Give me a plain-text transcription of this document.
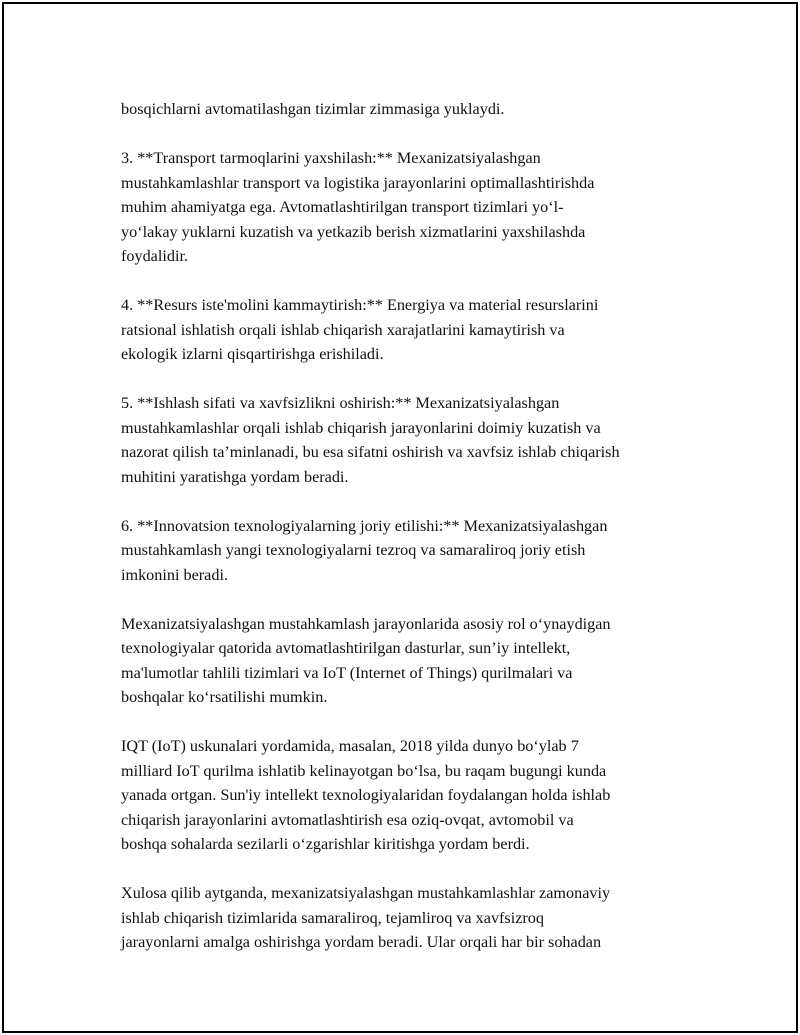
bosqichlarni avtomatilashgan tizimlar zimmasiga yuklaydi.

3. **Transport tarmoqlarini yaxshilash:** Mexanizatsiyalashgan
mustahkamlashlar transport va logistika jarayonlarini optimallashtirishda
muhim ahamiyatga ega. Avtomatlashtirilgan transport tizimlari yo‘l-
yo‘lakay yuklarni kuzatish va yetkazib berish xizmatlarini yaxshilashda
foydalidir.

4. **Resurs iste'molini kammaytirish:** Energiya va material resurslarini
ratsional ishlatish orqali ishlab chiqarish xarajatlarini kamaytirish va
ekologik izlarni qisqartirishga erishiladi.

5. **Ishlash sifati va xavfsizlikni oshirish:** Mexanizatsiyalashgan
mustahkamlashlar orqali ishlab chiqarish jarayonlarini doimiy kuzatish va
nazorat qilish ta’minlanadi, bu esa sifatni oshirish va xavfsiz ishlab chiqarish
muhitini yaratishga yordam beradi.

6. **Innovatsion texnologiyalarning joriy etilishi:** Mexanizatsiyalashgan
mustahkamlash yangi texnologiyalarni tezroq va samaraliroq joriy etish
imkonini beradi.

Mexanizatsiyalashgan mustahkamlash jarayonlarida asosiy rol o‘ynaydigan
texnologiyalar qatorida avtomatlashtirilgan dasturlar, sun’iy intellekt,
ma'lumotlar tahlili tizimlari va IoT (Internet of Things) qurilmalari va
boshqalar ko‘rsatilishi mumkin.

IQT (IoT) uskunalari yordamida, masalan, 2018 yilda dunyo bo‘ylab 7
milliard IoT qurilma ishlatib kelinayotgan bo‘lsa, bu raqam bugungi kunda
yanada ortgan. Sun'iy intellekt texnologiyalaridan foydalangan holda ishlab
chiqarish jarayonlarini avtomatlashtirish esa oziq-ovqat, avtomobil va
boshqa sohalarda sezilarli o‘zgarishlar kiritishga yordam berdi.

Xulosa qilib aytganda, mexanizatsiyalashgan mustahkamlashlar zamonaviy
ishlab chiqarish tizimlarida samaraliroq, tejamliroq va xavfsizroq
jarayonlarni amalga oshirishga yordam beradi. Ular orqali har bir sohadan
